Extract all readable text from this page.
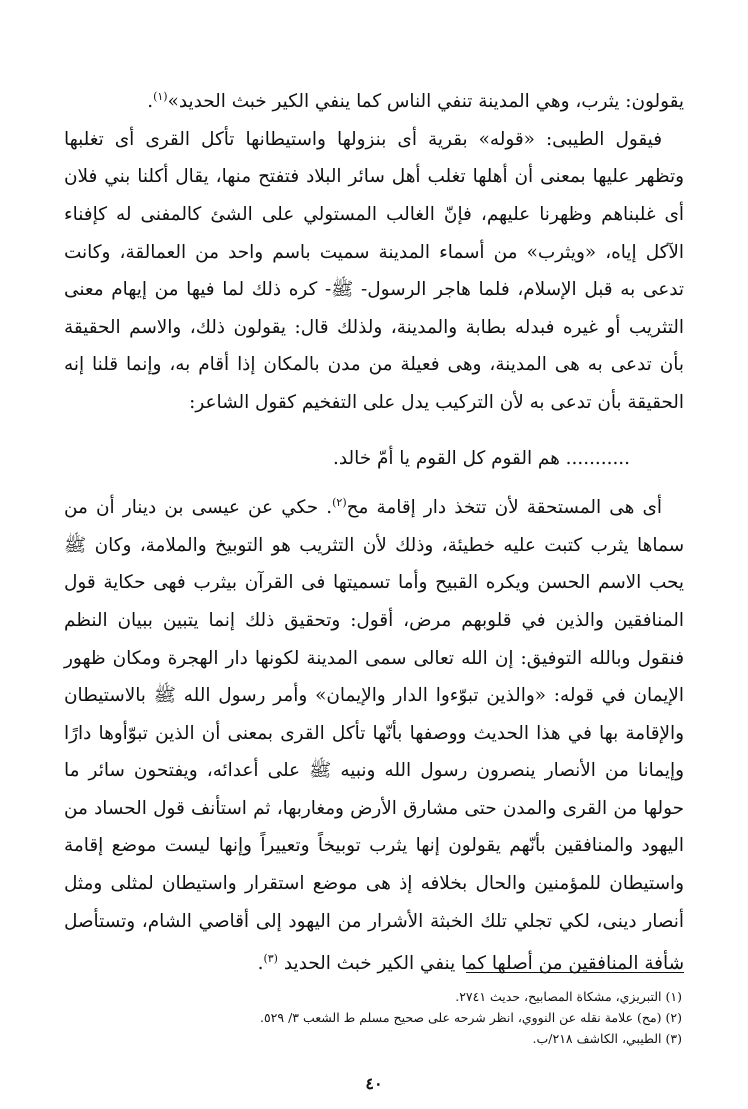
يقولون: يثرب، وهي المدينة تنفي الناس كما ينفي الكير خبث الحديد»$^{(١)}$.

فيقول الطيبى: «قوله» بقرية أى بنزولها واستيطانها تأكل القرى أى تغلبها وتظهر عليها بمعنى أن أهلها تغلب أهل سائر البلاد فتفتح منها، يقال أكلنا بني فلان أى غلبناهم وظهرنا عليهم، فإنّ الغالب المستولي على الشئ كالمفنى له كإفناء الآكل إياه، «ويثرب» من أسماء المدينة سميت باسم واحد من العمالقة، وكانت تدعى به قبل الإسلام، فلما هاجر الرسول- ﷺ- كره ذلك لما فيها من إيهام معنى التثريب أو غيره فبدله بطابة والمدينة، ولذلك قال: يقولون ذلك، والاسم الحقيقة بأن تدعى به هى المدينة، وهى فعيلة من مدن بالمكان إذا أقام به، وإنما قلنا إنه الحقيقة بأن تدعى به لأن التركيب يدل على التفخيم كقول الشاعر:

........... هم القوم كل القوم يا أمّ خالد.

أى هى المستحقة لأن تتخذ دار إقامة مح$^{(٢)}$. حكي عن عيسى بن دينار أن من سماها يثرب كتبت عليه خطيئة، وذلك لأن التثريب هو التوبيخ والملامة، وكان ﷺ يحب الاسم الحسن ويكره القبيح وأما تسميتها فى القرآن بيثرب فهى حكاية قول المنافقين والذين في قلوبهم مرض، أقول: وتحقيق ذلك إنما يتبين ببيان النظم فنقول وبالله التوفيق: إن الله تعالى سمى المدينة لكونها دار الهجرة ومكان ظهور الإيمان في قوله: «والذين تبوّءوا الدار والإيمان» وأمر رسول الله ﷺ بالاستيطان والإقامة بها في هذا الحديث ووصفها بأنّها تأكل القرى بمعنى أن الذين تبوّأوها دارًا وإيمانا من الأنصار ينصرون رسول الله ونبيه ﷺ على أعدائه، ويفتحون سائر ما حولها من القرى والمدن حتى مشارق الأرض ومغاربها، ثم استأنف قول الحساد من اليهود والمنافقين بأنّهم يقولون إنها يثرب توبيخاً وتعييراً وإنها ليست موضع إقامة واستيطان للمؤمنين والحال بخلافه إذ هى موضع استقرار واستيطان لمثلى ومثل أنصار دينى، لكي تجلي تلك الخبثة الأشرار من اليهود إلى أقاصي الشام، وتستأصل شأفة المنافقين من أصلها كما ينفي الكير خبث الحديد $^{(٣)}$.

(١) التبريزي، مشكاة المصابيح، حديث ٢٧٤١.
(٢) (مح) علامة نقله عن النووي، انظر شرحه على صحيح مسلم ط الشعب ٣/ ٥٢٩.
(٣) الطيبي، الكاشف ٢١٨/ب.
٤٠
